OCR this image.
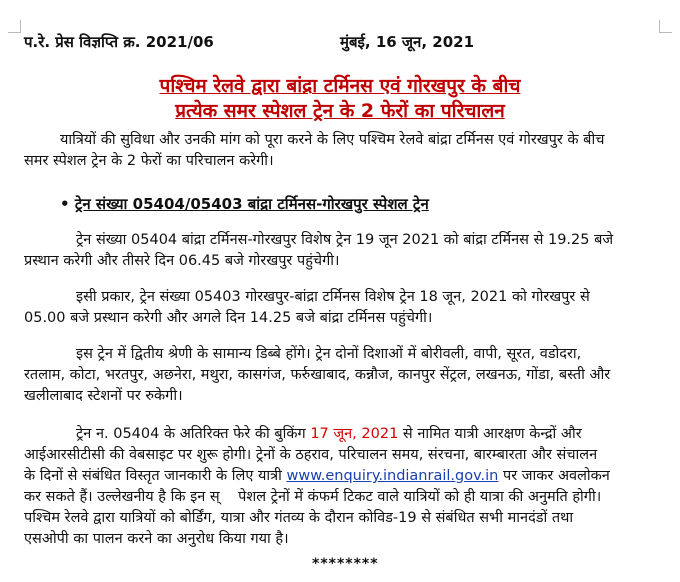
प.रे. प्रेस विज्ञप्ति क्र. 2021/06	मुंबई, 16 जून, 2021
पश्चिम रेलवे द्वारा बांद्रा टर्मिनस एवं गोरखपुर के बीच
प्रत्येक समर स्पेशल ट्रेन के 2 फेरों का परिचालन
यात्रियों की सुविधा और उनकी मांग को पूरा करने के लिए पश्चिम रेलवे बांद्रा टर्मिनस एवं गोरखपुर के बीच
समर स्पेशल ट्रेन के 2 फेरों का परिचालन करेगी।
• ट्रेन संख्या 05404/05403 बांद्रा टर्मिनस-गोरखपुर स्पेशल ट्रेन
ट्रेन संख्या 05404 बांद्रा टर्मिनस-गोरखपुर विशेष ट्रेन 19 जून 2021 को बांद्रा टर्मिनस से 19.25 बजे
प्रस्थान करेगी और तीसरे दिन 06.45 बजे गोरखपुर पहुंचेगी।
इसी प्रकार, ट्रेन संख्या 05403 गोरखपुर-बांद्रा टर्मिनस विशेष ट्रेन 18 जून, 2021 को गोरखपुर से
05.00 बजे प्रस्थान करेगी और अगले दिन 14.25 बजे बांद्रा टर्मिनस पहुंचेगी।
इस ट्रेन में द्वितीय श्रेणी के सामान्य डिब्बे होंगे। ट्रेन दोनों दिशाओं में बोरीवली, वापी, सूरत, वडोदरा,
रतलाम, कोटा, भरतपुर, अछनेरा, मथुरा, कासगंज, फर्रुखाबाद, कन्नौज, कानपुर सेंट्रल, लखनऊ, गोंडा, बस्ती और
खलीलाबाद स्टेशनों पर रुकेगी।
ट्रेन न. 05404 के अतिरिक्त फेरे की बुकिंग 17 जून, 2021 से नामित यात्री आरक्षण केन्द्रों और
आईआरसीटीसी की वेबसाइट पर शुरू होगी। ट्रेनों के ठहराव, परिचालन समय, संरचना, बारम्बारता और संचालन
के दिनों से संबंधित विस्तृत जानकारी के लिए यात्री www.enquiry.indianrail.gov.in पर जाकर अवलोकन
कर सकते हैं। उल्लेखनीय है कि इन स्    पेशल ट्रेनों में कंफर्म टिकट वाले यात्रियों को ही यात्रा की अनुमति होगी।
पश्चिम रेलवे द्वारा यात्रियों को बोर्डिंग, यात्रा और गंतव्य के दौरान कोविड-19 से संबंधित सभी मानदंडों तथा
एसओपी का पालन करने का अनुरोध किया गया है।
********
